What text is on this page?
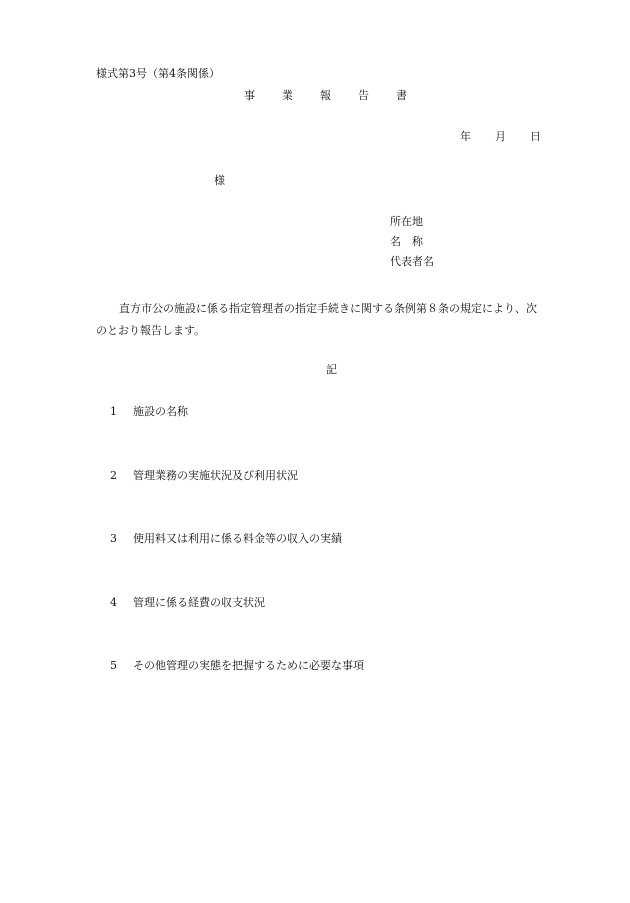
様式第3号（第4条関係）
事 業 報 告 書
年 月 日
様
所在地
名　称
代表者名

直方市公の施設に係る指定管理者の指定手続きに関する条例第８条の規定により、次

のとおり報告します。

記
1 施設の名称
2 管理業務の実施状況及び利用状況
3 使用料又は利用に係る料金等の収入の実績
4 管理に係る経費の収支状況
5 その他管理の実態を把握するために必要な事項
